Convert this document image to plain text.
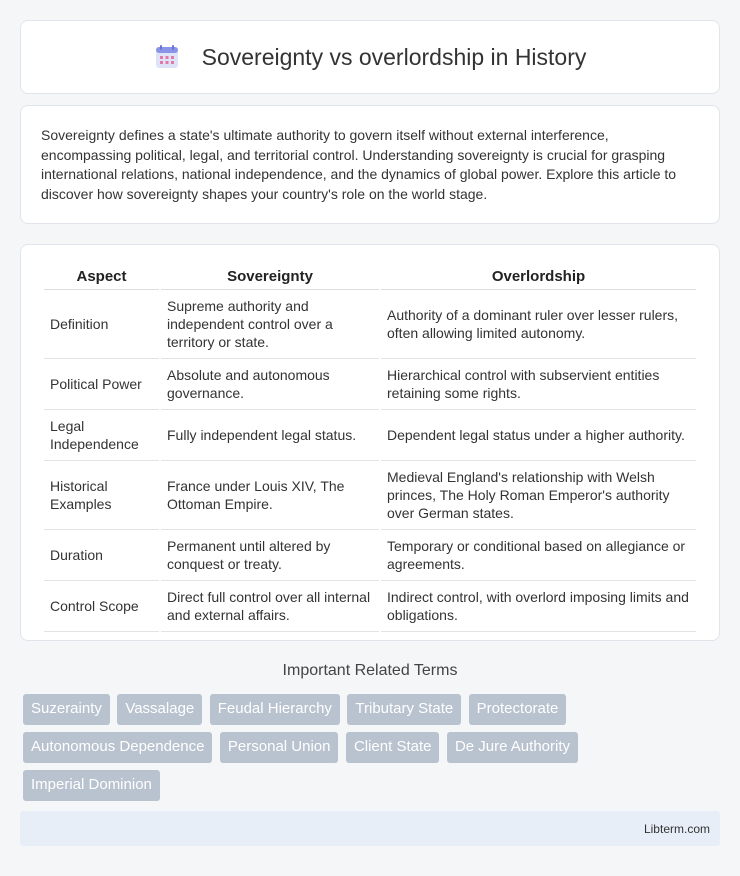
Sovereignty vs overlordship in History

Sovereignty defines a state's ultimate authority to govern itself without external interference, encompassing political, legal, and territorial control. Understanding sovereignty is crucial for grasping international relations, national independence, and the dynamics of global power. Explore this article to discover how sovereignty shapes your country's role on the world stage.

Aspect	Sovereignty	Overlordship
Definition	Supreme authority and independent control over a territory or state.	Authority of a dominant ruler over lesser rulers, often allowing limited autonomy.
Political Power	Absolute and autonomous governance.	Hierarchical control with subservient entities retaining some rights.
Legal Independence	Fully independent legal status.	Dependent legal status under a higher authority.
Historical Examples	France under Louis XIV, The Ottoman Empire.	Medieval England's relationship with Welsh princes, The Holy Roman Emperor's authority over German states.
Duration	Permanent until altered by conquest or treaty.	Temporary or conditional based on allegiance or agreements.
Control Scope	Direct full control over all internal and external affairs.	Indirect control, with overlord imposing limits and obligations.
Important Related Terms
Suzerainty Vassalage Feudal Hierarchy Tributary State Protectorate
Autonomous Dependence Personal Union Client State De Jure Authority
Imperial Dominion
Libterm.com
